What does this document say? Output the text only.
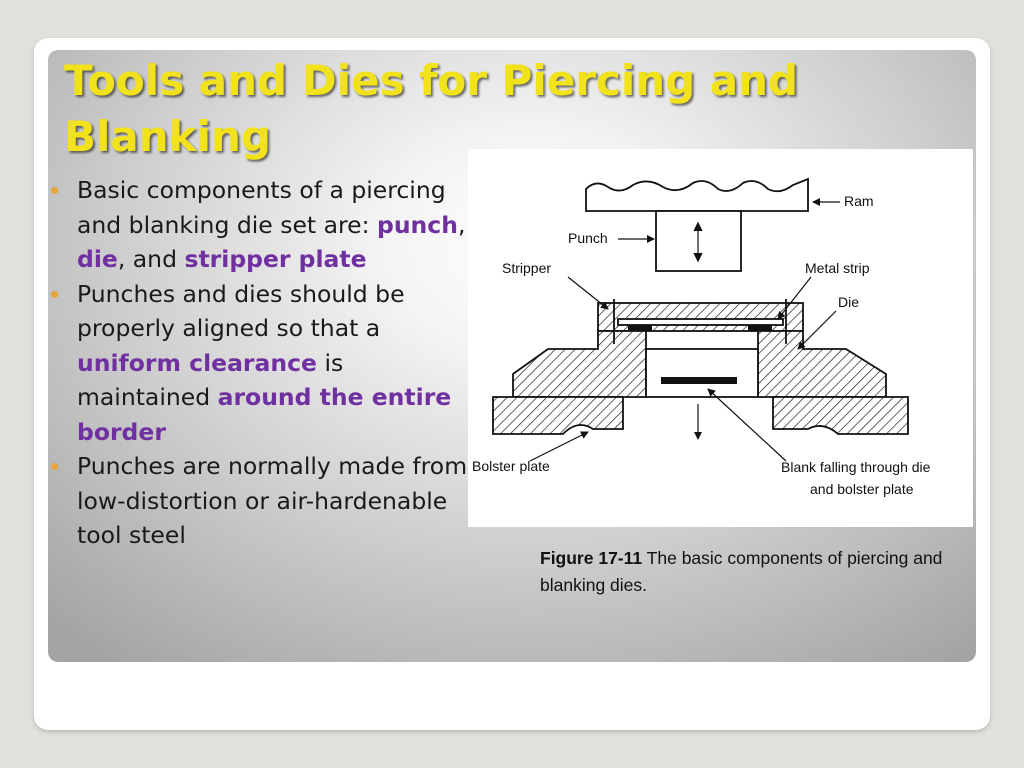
Tools and Dies for Piercing and Blanking
Basic components of a piercing and blanking die set are: punch, die, and stripper plate
Punches and dies should be properly aligned so that a uniform clearance is maintained around the entire border
Punches are normally made from low-distortion or air-hardenable tool steel
Ram
Punch
Stripper	Metal strip
Die
Bolster plate	Blank falling through die
and bolster plate
Figure 17-11 The basic components of piercing and blanking dies.
